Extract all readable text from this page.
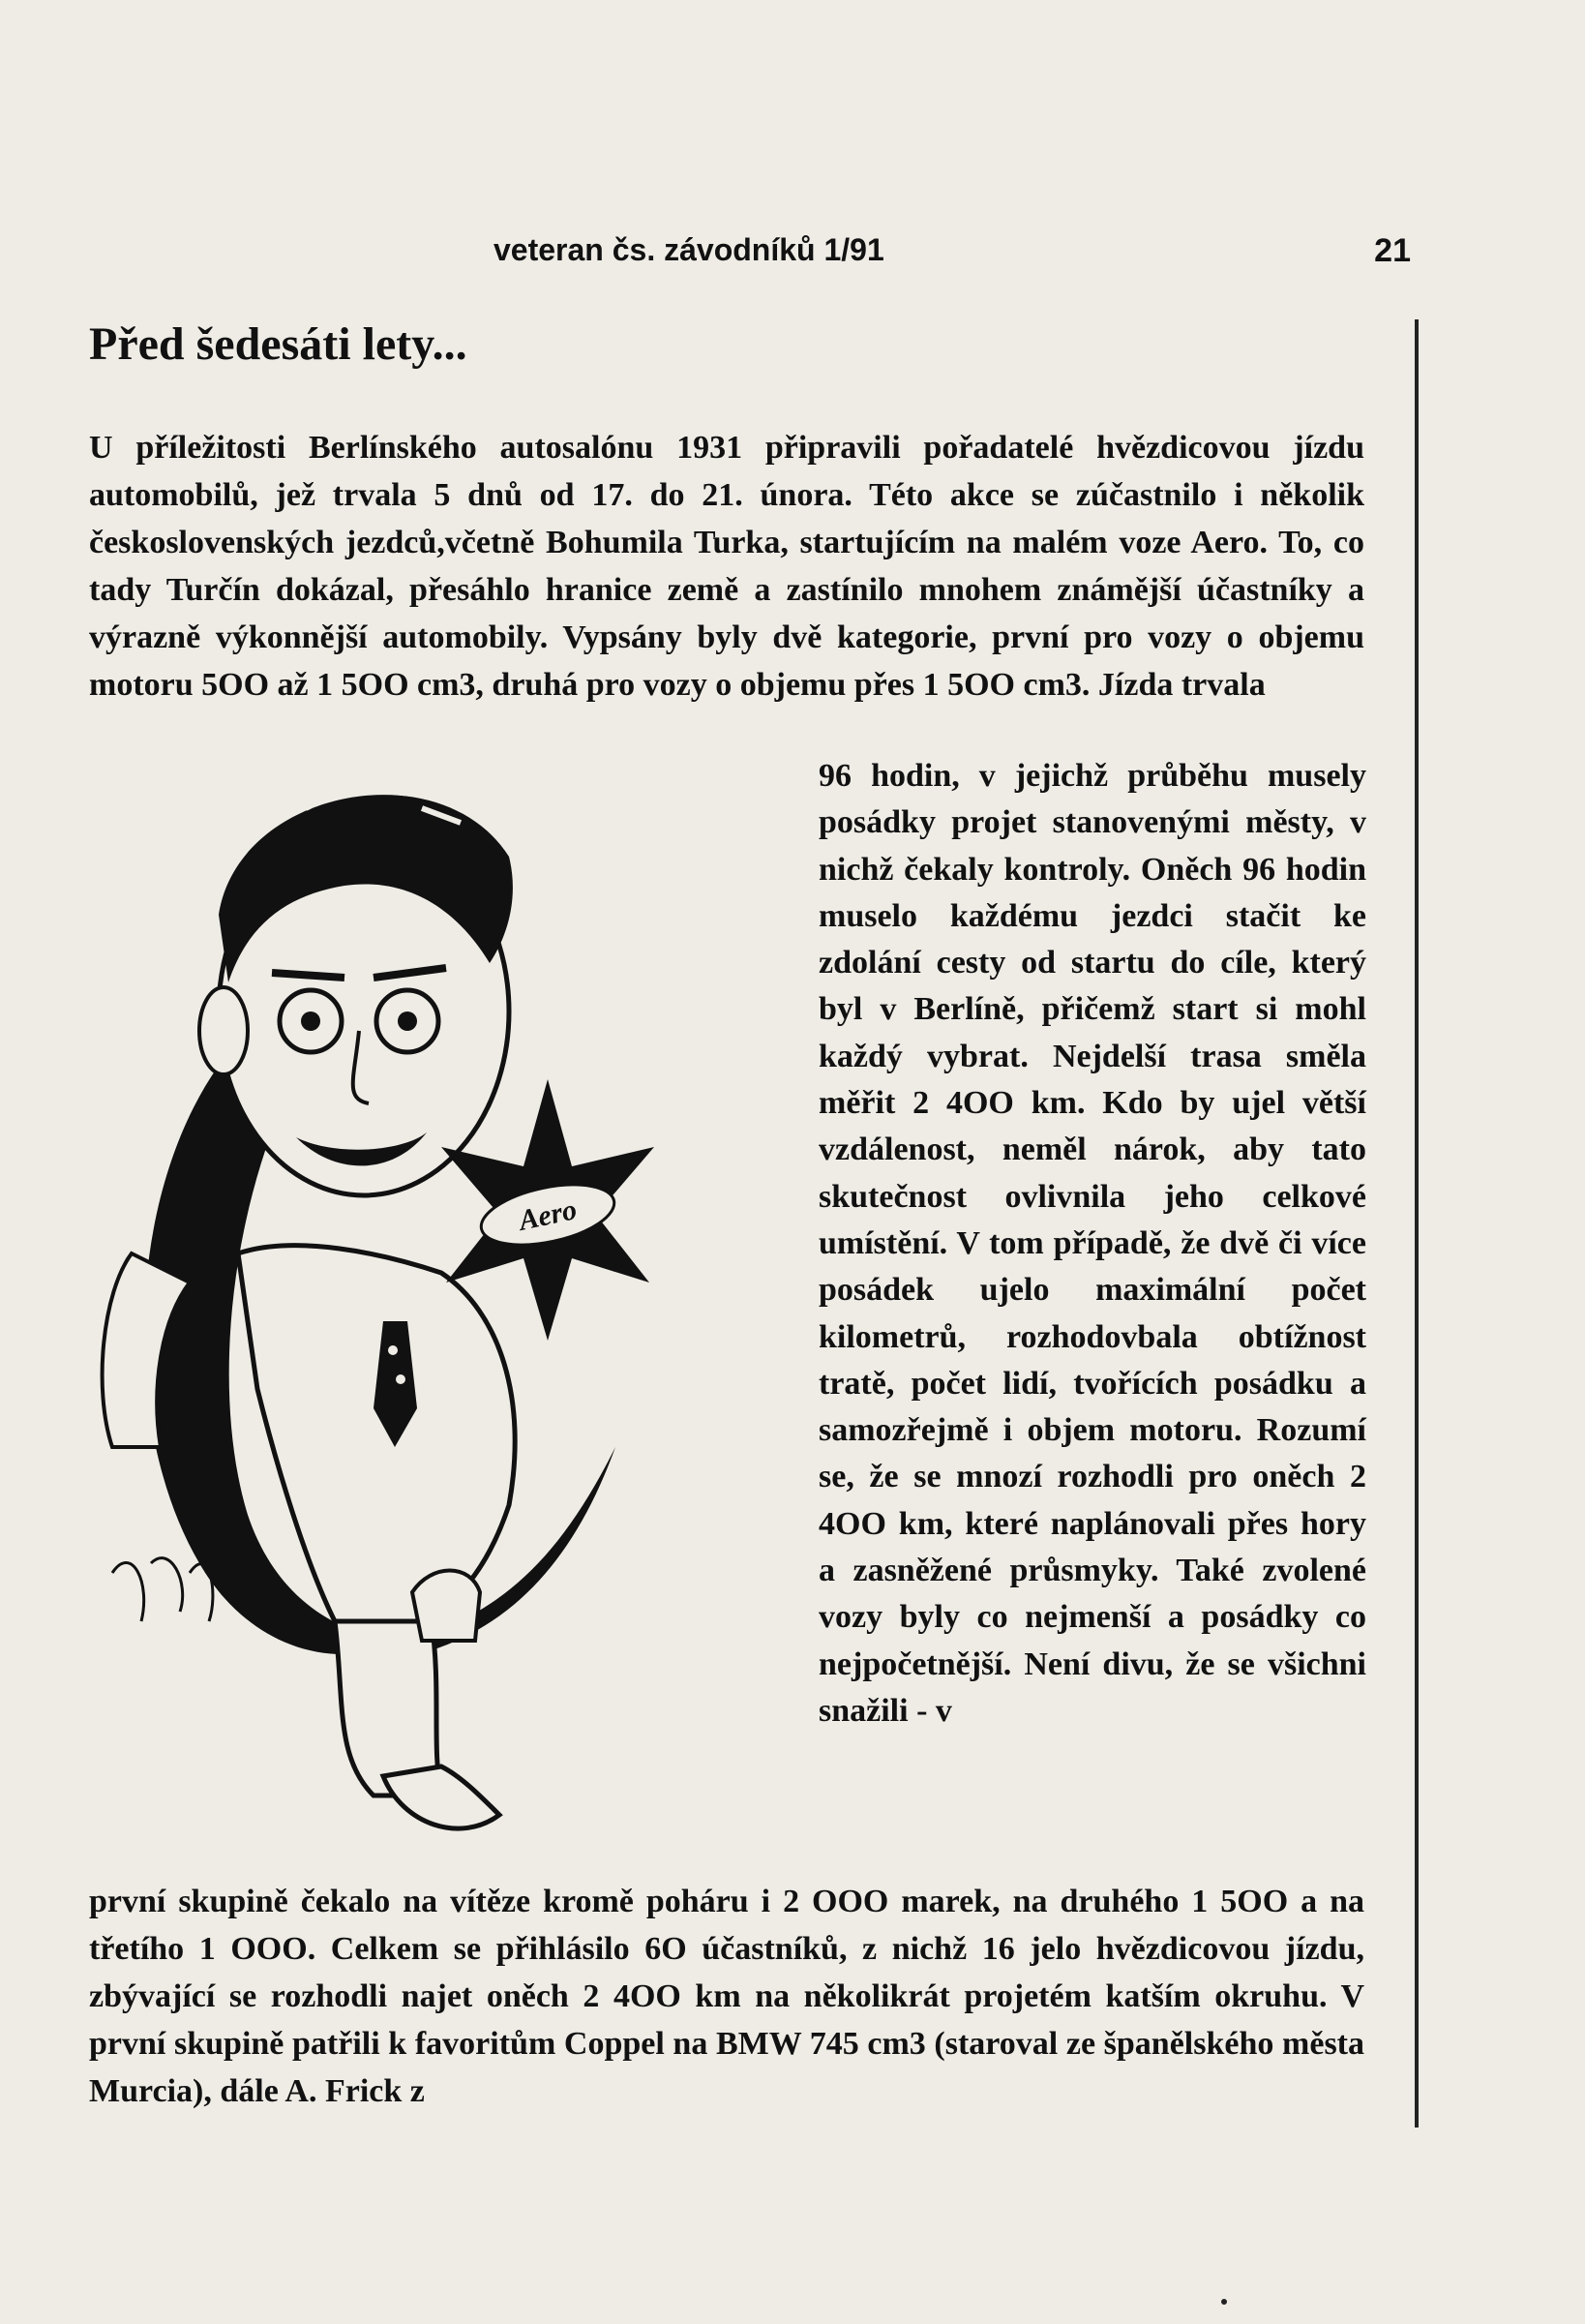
veteran čs. závodníků 1/91	21
Před šedesáti lety...

U příležitosti Berlínského autosalónu 1931 připravili pořadatelé hvězdicovou jízdu automobilů, jež trvala 5 dnů od 17. do 21. února. Této akce se zúčastnilo i několik československých jezdců,včetně Bohumila Turka, startujícím na malém voze Aero. To, co tady Turčín dokázal, přesáhlo hranice země a zastínilo mnohem známější účastníky a výrazně výkonnější automobily. Vypsány byly dvě kategorie, první pro vozy o objemu motoru 5OO až 1 5OO cm3, druhá pro vozy o objemu přes 1 5OO cm3. Jízda trvala

Aero

96 hodin, v jejichž průběhu musely posádky projet stanovenými městy, v nichž čekaly kontroly. Oněch 96 hodin muselo každému jezdci stačit ke zdolání cesty od startu do cíle, který byl v Berlíně, přičemž start si mohl každý vybrat. Nejdelší trasa směla měřit 2 4OO km. Kdo by ujel větší vzdálenost, neměl nárok, aby tato skutečnost ovlivnila jeho celkové umístění. V tom případě, že dvě či více posádek ujelo maximální počet kilometrů, rozhodovbala obtížnost tratě, počet lidí, tvořících posádku a samozřejmě i objem motoru. Rozumí se, že se mnozí rozhodli pro oněch 2 4OO km, které naplánovali přes hory a zasněžené průsmyky. Také zvolené vozy byly co nejmenší a posádky co nejpočetnější. Není divu, že se všichni snažili - v

první skupině čekalo na vítěze kromě poháru i 2 OOO marek, na druhého 1 5OO a na třetího 1 OOO. Celkem se přihlásilo 6O účastníků, z nichž 16 jelo hvězdicovou jízdu, zbývající se rozhodli najet oněch 2 4OO km na několikrát projetém katším okruhu. V první skupině patřili k favoritům Coppel na BMW 745 cm3 (staroval ze španělského města Murcia), dále A. Frick z
